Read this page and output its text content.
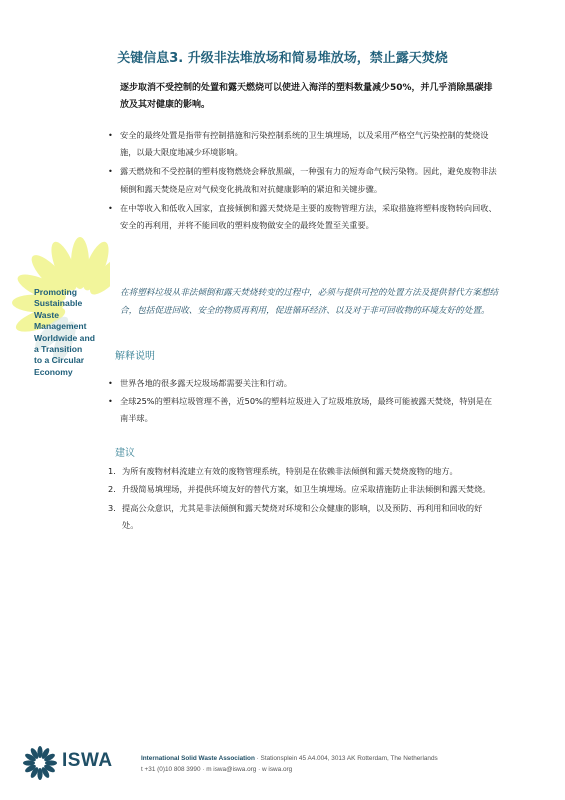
关键信息3. 升级非法堆放场和简易堆放场，禁止露天焚烧
逐步取消不受控制的处置和露天燃烧可以使进入海洋的塑料数量减少50%，并几乎消除黑碳排放及其对健康的影响。
• 安全的最终处置是指带有控制措施和污染控制系统的卫生填埋场，以及采用严格空气污染控制的焚烧设施，以最大限度地减少环境影响。
• 露天燃烧和不受控制的塑料废物燃烧会释放黑碳，一种强有力的短寿命气候污染物。因此，避免废物非法倾倒和露天焚烧是应对气候变化挑战和对抗健康影响的紧迫和关键步骤。
• 在中等收入和低收入国家，直接倾倒和露天焚烧是主要的废物管理方法，采取措施将塑料废物转向回收、安全的再利用，并将不能回收的塑料废物做安全的最终处置至关重要。
Promoting
Sustainable
Waste
Management
Worldwide and
a Transition
to a Circular
Economy
在将塑料垃圾从非法倾倒和露天焚烧转变的过程中，必须与提供可控的处置方法及提供替代方案想结合，包括促进回收、安全的物质再利用，促进循环经济、以及对于非可回收物的环境友好的处置。
解释说明
• 世界各地的很多露天垃圾场都需要关注和行动。
• 全球25%的塑料垃圾管理不善，近50%的塑料垃圾进入了垃圾堆放场，最终可能被露天焚烧，特别是在南半球。
建议
1. 为所有废物材料流建立有效的废物管理系统，特别是在依赖非法倾倒和露天焚烧废物的地方。
2. 升级简易填埋场，并提供环境友好的替代方案，如卫生填埋场。应采取措施防止非法倾倒和露天焚烧。
3. 提高公众意识，尤其是非法倾倒和露天焚烧对环境和公众健康的影响，以及预防、再利用和回收的好处。
ISWA	International Solid Waste Association · Stationsplein 45 A4.004, 3013 AK Rotterdam, The Netherlands
t +31 (0)10 808 3990 · m iswa@iswa.org · w iswa.org
